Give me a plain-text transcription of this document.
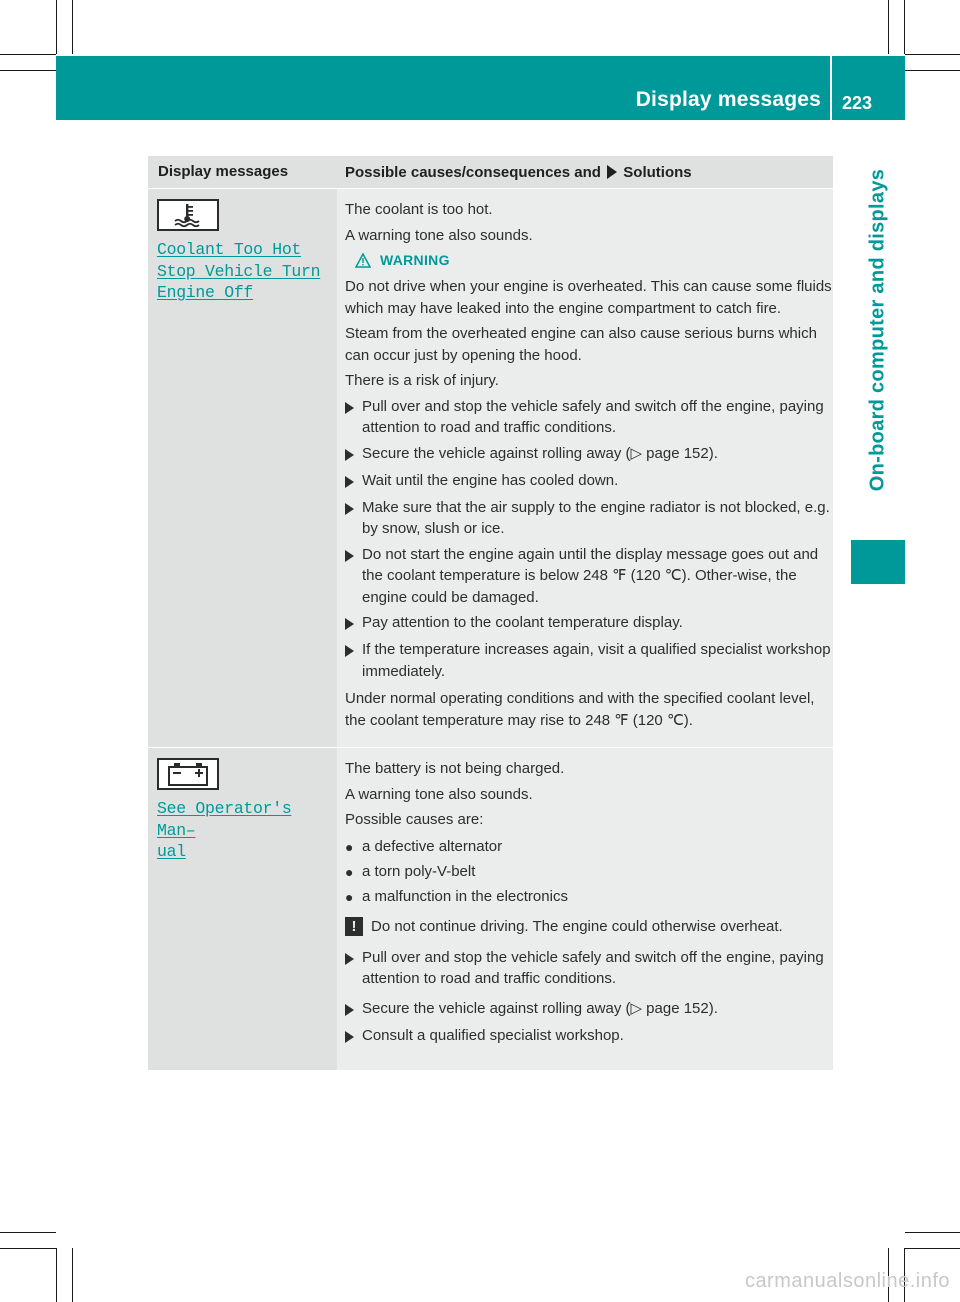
Display messages 223
On-board computer and displays
Display messages	Possible causes/consequences and Solutions
Coolant Too Hot
Stop Vehicle Turn
Engine Off

The coolant is too hot.

A warning tone also sounds.

WARNING

Do not drive when your engine is overheated. This can cause some fluids which may have leaked into the engine compartment to catch fire.

Steam from the overheated engine can also cause serious burns which can occur just by opening the hood.

There is a risk of injury.

Pull over and stop the vehicle safely and switch off the engine, paying attention to road and traffic conditions.
Secure the vehicle against rolling away (▷ page 152).
Wait until the engine has cooled down.
Make sure that the air supply to the engine radiator is not blocked, e.g. by snow, slush or ice.
Do not start the engine again until the display message goes out and the coolant temperature is below 248 ℉ (120 ℃). Other-wise, the engine could be damaged.
Pay attention to the coolant temperature display.
If the temperature increases again, visit a qualified specialist workshop immediately.

Under normal operating conditions and with the specified coolant level, the coolant temperature may rise to 248 ℉ (120 ℃).

See Operator's Man–
ual

The battery is not being charged.

A warning tone also sounds.

Possible causes are:

● a defective alternator
● a torn poly-V-belt
● a malfunction in the electronics
! Do not continue driving. The engine could otherwise overheat.
Pull over and stop the vehicle safely and switch off the engine, paying attention to road and traffic conditions.
Secure the vehicle against rolling away (▷ page 152).
Consult a qualified specialist workshop.
carmanualsonline.info
